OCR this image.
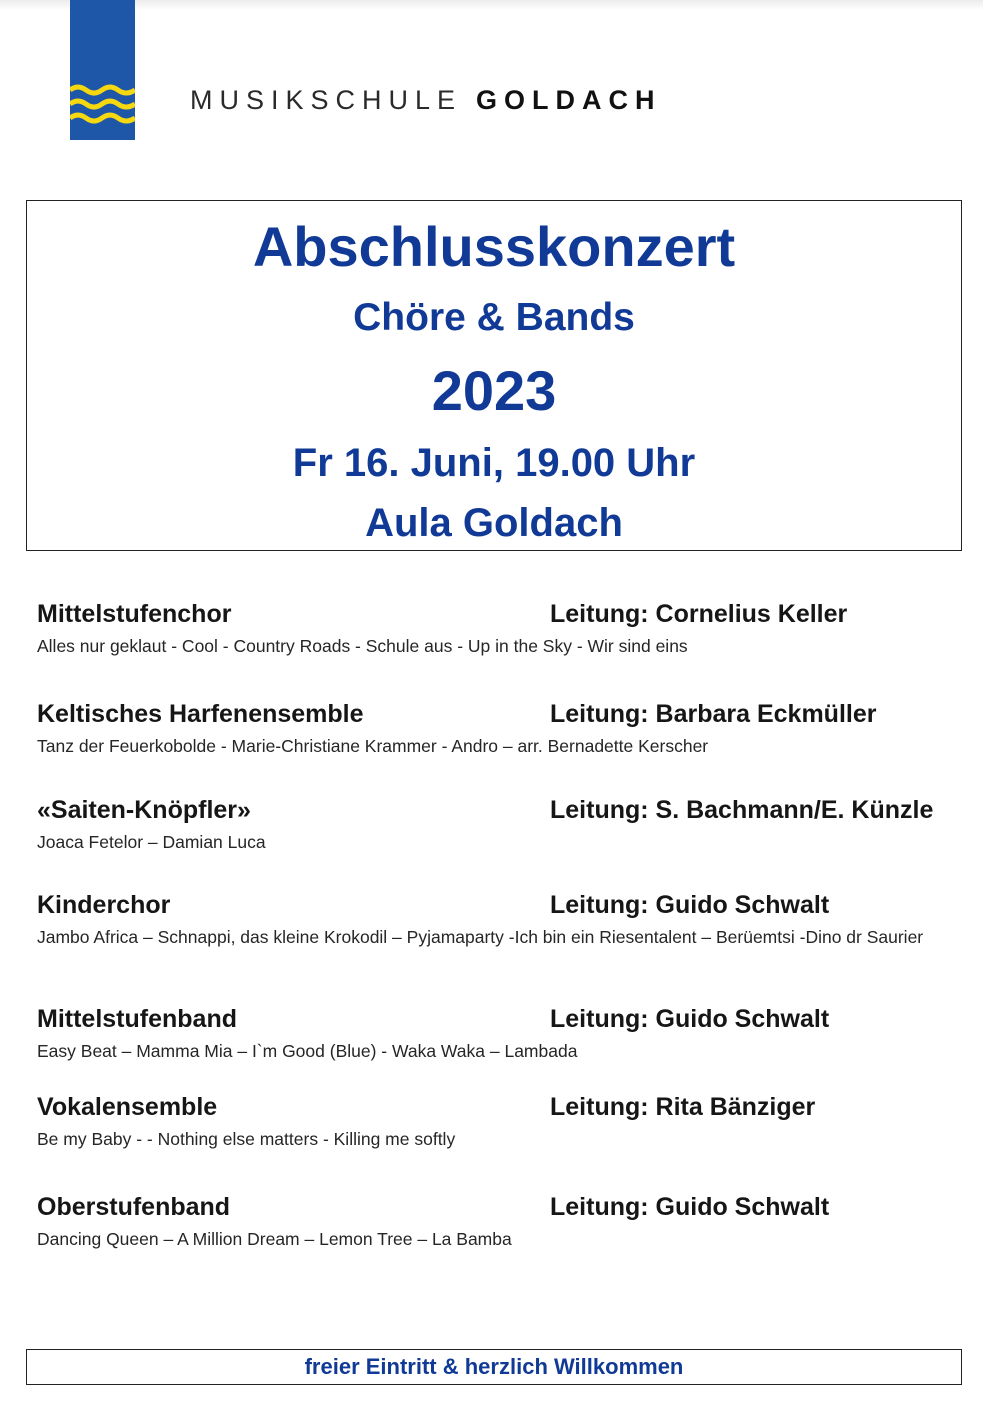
MUSIKSCHULE GOLDACH
Abschlusskonzert
Chöre & Bands
2023
Fr 16. Juni, 19.00 Uhr
Aula Goldach
Mittelstufenchor	Leitung: Cornelius Keller
Alles nur geklaut - Cool - Country Roads - Schule aus - Up in the Sky - Wir sind eins
Keltisches Harfenensemble	Leitung: Barbara Eckmüller
Tanz der Feuerkobolde - Marie-Christiane Krammer - Andro – arr. Bernadette Kerscher
«Saiten-Knöpfler»	Leitung: S. Bachmann/E. Künzle
Joaca Fetelor – Damian Luca
Kinderchor	Leitung: Guido Schwalt
Jambo Africa – Schnappi, das kleine Krokodil – Pyjamaparty -Ich bin ein Riesentalent – Berüemtsi -Dino dr Saurier
Mittelstufenband	Leitung: Guido Schwalt
Easy Beat – Mamma Mia – I`m Good (Blue) - Waka Waka – Lambada
Vokalensemble	Leitung: Rita Bänziger
Be my Baby - - Nothing else matters - Killing me softly
Oberstufenband	Leitung: Guido Schwalt
Dancing Queen – A Million Dream – Lemon Tree – La Bamba
freier Eintritt & herzlich Willkommen
